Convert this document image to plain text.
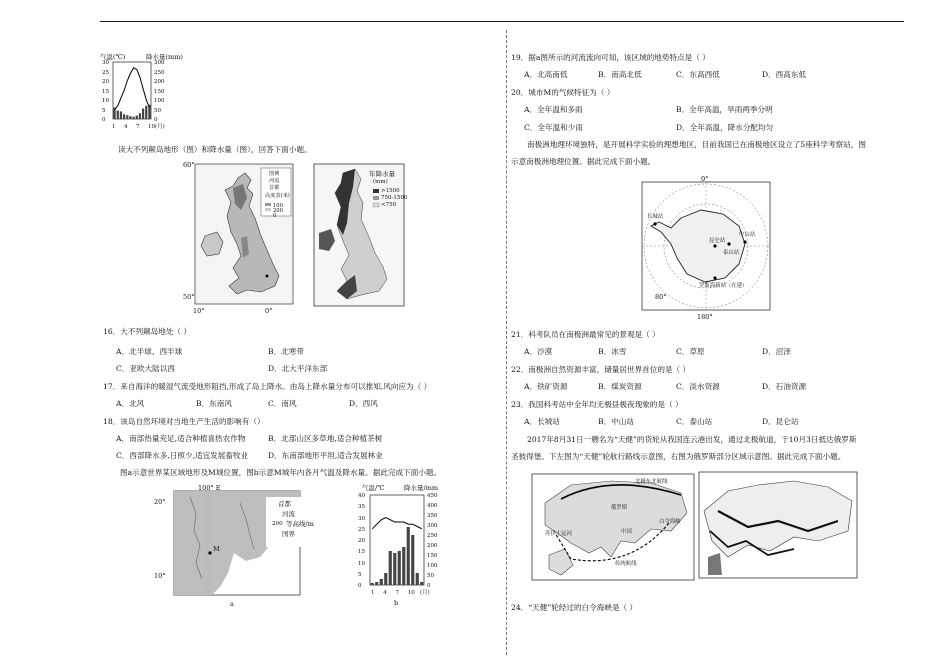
气温(℃)	降水量(mm)
30
25
20
15
10
5
0
300
250
200
150
100
50
0
1 4 7 10(月)
读大不列颠岛地形（图）和降水量（图），回答下面小题。
60°
50°
10°	0°
图例
河流
首都
高度表(米)
100
200
0
年降水量
(mm)
>1500
750-1500
<750
16．大不列颠岛地处（ ）
A．北半球、西半球	B．北寒带
C．亚欧大陆以西	D．北大平洋东部
17．来自海洋的暖湿气流受地形阻挡,形成了岛上降水。由岛上降水量分布可以推知,风向应为（ ）
A．北风	B．东南风	C．南风	D．西风
18．该岛自然环境对当地生产生活的影响有（）
A．南部热量充足,适合种植喜热农作物	B．北部山区多草地,适合种植茶树
C．西部降水多,日照少,适宜发展畜牧业	D．东南部地形平坦,适合发展林业
图a示意世界某区域地形及M城位置，图b示意M城年内各月气温及降水量。据此完成下面小题。
100° E
20°
10°
M
a
首都
河流
200 等高线/m
国界
气温/℃	降水量/mm
40
35
30
25
20
15
10
5
0
450
400
350
300
250
200
150
100
50
0
1 4 7 10 (月)
b
19．据a图所示的河流流向可知，该区域的地势特点是（ ）
A．北高南低	B．南高北低	C．东高西低	D．西高东低
20．城市M的气候特征为（ ）
A．全年温和多雨	B．全年高温，旱雨两季分明
C．全年温和少雨	D．全年高温，降水分配均匀
南极洲地理环境独特，是开展科学实验的理想地区，目前我国已在南极地区设立了5座科学考察站，图
示意南极洲地理位置。据此完成下面小题。
0°
180°
80°
长城站
中山站
泰山站
昆仑站
罗斯海新站（在建）
21．科考队员在南极洲最常见的景观是（ ）
A．沙漠	B．冰雪	C．草原	D．沼泽
22．南极洲自然资源丰富，储量居世界首位的是（ ）
A．铁矿资源	B．煤炭资源	C．淡水资源	D．石油资源
23．我国科考站中全年均无极昼极夜现象的是（ ）
A．长城站	B．中山站	C．泰山站	D．昆仑站
2017年8月31日一艘名为“天健”的货轮从我国连云港出发，通过北极航道，于10月3日抵达俄罗斯
圣彼得堡。下左图为“天健”轮航行路线示意图，右图为俄罗斯部分区域示意图。据此完成下面小题。
北极东北航线
俄罗斯
中国
白令海峡
传统航线
苏伊士运河
24．“天健”轮经过的白令海峡是（ ）
